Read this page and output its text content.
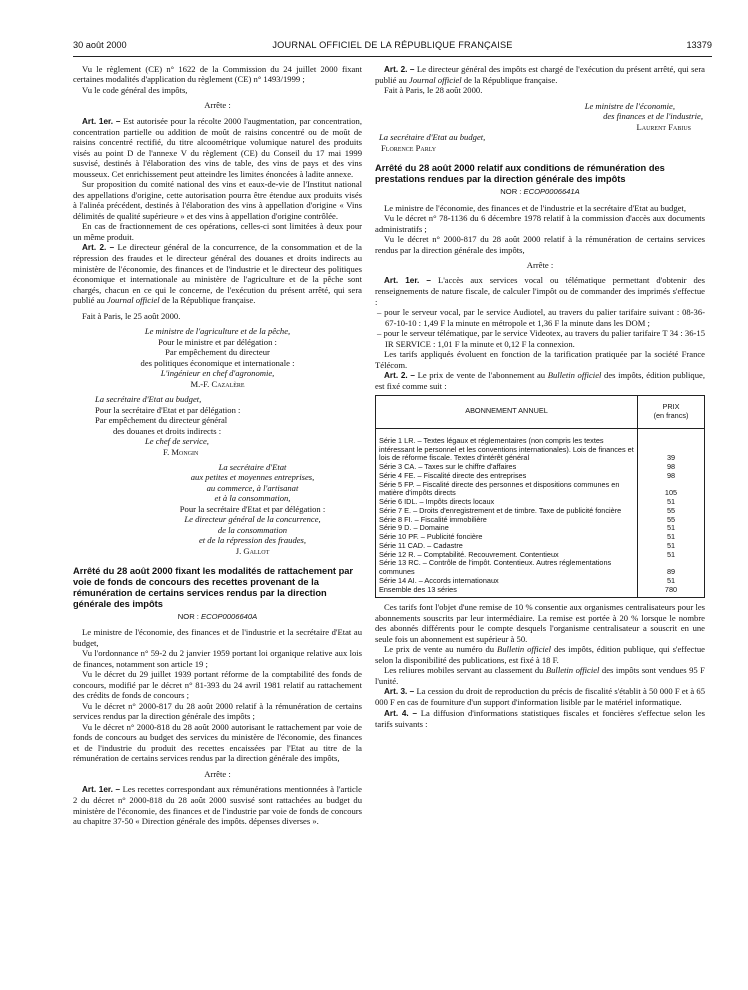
30 août 2000	JOURNAL OFFICIEL DE LA RÉPUBLIQUE FRANÇAISE	13379

Vu le règlement (CE) n° 1622 de la Commission du 24 juillet 2000 fixant certaines modalités d'application du règlement (CE) n° 1493/1999 ;

Vu le code général des impôts,

Arrête :

Art. 1er. – Est autorisée pour la récolte 2000 l'augmentation, par concentration, concentration partielle ou addition de moût de raisins concentré ou de moût de raisins concentré rectifié, du titre alcoométrique volumique naturel des produits visés au point D de l'annexe V du règlement (CE) du Conseil du 17 mai 1999 susvisé, destinés à l'élaboration des vins de table, des vins de pays et des vins mousseux. Cet enrichissement peut atteindre les limites énoncées à ladite annexe.

Sur proposition du comité national des vins et eaux-de-vie de l'Institut national des appellations d'origine, cette autorisation pourra être étendue aux produits visés à l'alinéa précédent, destinés à l'élaboration des vins à appellation d'origine « Vins délimités de qualité supérieure » et des vins à appellation d'origine contrôlée.

En cas de fractionnement de ces opérations, celles-ci sont limitées à deux pour un même produit.

Art. 2. – Le directeur général de la concurrence, de la consommation et de la répression des fraudes et le directeur général des douanes et droits indirects au ministère de l'économie, des finances et de l'industrie et le directeur des politiques économique et internationale au ministère de l'agriculture et de la pêche sont chargés, chacun en ce qui le concerne, de l'exécution du présent arrêté, qui sera publié au Journal officiel de la République française.

Fait à Paris, le 25 août 2000.

Le ministre de l'agriculture et de la pêche,

Pour le ministre et par délégation :

Par empêchement du directeur

des politiques économique et internationale :

L'ingénieur en chef d'agronomie,

M.-F. Cazalère

La secrétaire d'Etat au budget,

Pour la secrétaire d'Etat et par délégation :

Par empêchement du directeur général

des douanes et droits indirects :

Le chef de service,

F. Mongin

La secrétaire d'Etat

aux petites et moyennes entreprises,

au commerce, à l'artisanat

et à la consommation,

Pour la secrétaire d'Etat et par délégation :

Le directeur général de la concurrence,

de la consommation

et de la répression des fraudes,

J. Gallot

Arrêté du 28 août 2000 fixant les modalités de rattachement par voie de fonds de concours des recettes provenant de la rémunération de certains services rendus par la direction générale des impôts

NOR : ECOP0006640A

Le ministre de l'économie, des finances et de l'industrie et la secrétaire d'Etat au budget,

Vu l'ordonnance n° 59-2 du 2 janvier 1959 portant loi organique relative aux lois de finances, notamment son article 19 ;

Vu le décret du 29 juillet 1939 portant réforme de la comptabilité des fonds de concours, modifié par le décret n° 81-393 du 24 avril 1981 relatif au rattachement des crédits de fonds de concours ;

Vu le décret n° 2000-817 du 28 août 2000 relatif à la rémunération de certains services rendus par la direction générale des impôts ;

Vu le décret n° 2000-818 du 28 août 2000 autorisant le rattachement par voie de fonds de concours au budget des services du ministère de l'économie, des finances et de l'industrie du produit des recettes encaissées par l'Etat au titre de la rémunération de certains services rendus par la direction générale des impôts,

Arrête :

Art. 1er. – Les recettes correspondant aux rémunérations mentionnées à l'article 2 du décret n° 2000-818 du 28 août 2000 susvisé sont rattachées au budget du ministère de l'économie, des finances et de l'industrie par voie de fonds de concours au chapitre 37-50 « Direction générale des impôts. dépenses diverses ».

Art. 2. – Le directeur général des impôts est chargé de l'exécution du présent arrêté, qui sera publié au Journal officiel de la République française.

Fait à Paris, le 28 août 2000.

Le ministre de l'économie,

des finances et de l'industrie,

Laurent Fabius

La secrétaire d'Etat au budget,

Florence Parly

Arrêté du 28 août 2000 relatif aux conditions de rémunération des prestations rendues par la direction générale des impôts

NOR : ECOP0006641A

Le ministre de l'économie, des finances et de l'industrie et la secrétaire d'Etat au budget,

Vu le décret n° 78-1136 du 6 décembre 1978 relatif à la commission d'accès aux documents administratifs ;

Vu le décret n° 2000-817 du 28 août 2000 relatif à la rémunération de certains services rendus par la direction générale des impôts,

Arrête :

Art. 1er. – L'accès aux services vocal ou télématique permettant d'obtenir des renseignements de nature fiscale, de calculer l'impôt ou de commander des imprimés s'effectue :

– pour le serveur vocal, par le service Audiotel, au travers du palier tarifaire suivant : 08-36-67-10-10 : 1,49 F la minute en métropole et 1,36 F la minute dans les DOM ;

– pour le serveur télématique, par le service Videotex, au travers du palier tarifaire T 34 : 36-15 IR SERVICE : 1,01 F la minute et 0,12 F la connexion.

Les tarifs appliqués évoluent en fonction de la tarification pratiquée par la société France Télécom.

Art. 2. – Le prix de vente de l'abonnement au Bulletin officiel des impôts, édition publique, est fixé comme suit :

ABONNEMENT ANNUEL	PRIX
(en francs)
Série 1 LR. – Textes légaux et réglementaires (non compris les textes intéressant le personnel et les conventions internationales). Lois de finances et lois de réforme fiscale. Textes d'intérêt général	39
Série 3 CA. – Taxes sur le chiffre d'affaires	98
Série 4 FE. – Fiscalité directe des entreprises	98
Série 5 FP. – Fiscalité directe des personnes et dispositions communes en matière d'impôts directs	105
Série 6 IDL. – Impôts directs locaux	51
Série 7 E. – Droits d'enregistrement et de timbre. Taxe de publicité foncière	55
Série 8 FI. – Fiscalité immobilière	55
Série 9 D. – Domaine	51
Série 10 PF. – Publicité foncière	51
Série 11 CAD. – Cadastre	51
Série 12 R. – Comptabilité. Recouvrement. Contentieux	51
Série 13 RC. – Contrôle de l'impôt. Contentieux. Autres réglementations communes	89
Série 14 AI. – Accords internationaux	51
Ensemble des 13 séries	780

Ces tarifs font l'objet d'une remise de 10 % consentie aux organismes centralisateurs pour les abonnements souscrits par leur intermédiaire. La remise est portée à 20 % lorsque le nombre des abonnés différents pour le compte desquels l'organisme centralisateur a souscrit en une seule fois un abonnement est supérieur à 50.

Le prix de vente au numéro du Bulletin officiel des impôts, édition publique, qui s'effectue selon la disponibilité des publications, est fixé à 18 F.

Les reliures mobiles servant au classement du Bulletin officiel des impôts sont vendues 95 F l'unité.

Art. 3. – La cession du droit de reproduction du précis de fiscalité s'établit à 50 000 F et à 65 000 F en cas de fourniture d'un support d'information lisible par le matériel informatique.

Art. 4. – La diffusion d'informations statistiques fiscales et foncières s'effectue selon les tarifs suivants :
